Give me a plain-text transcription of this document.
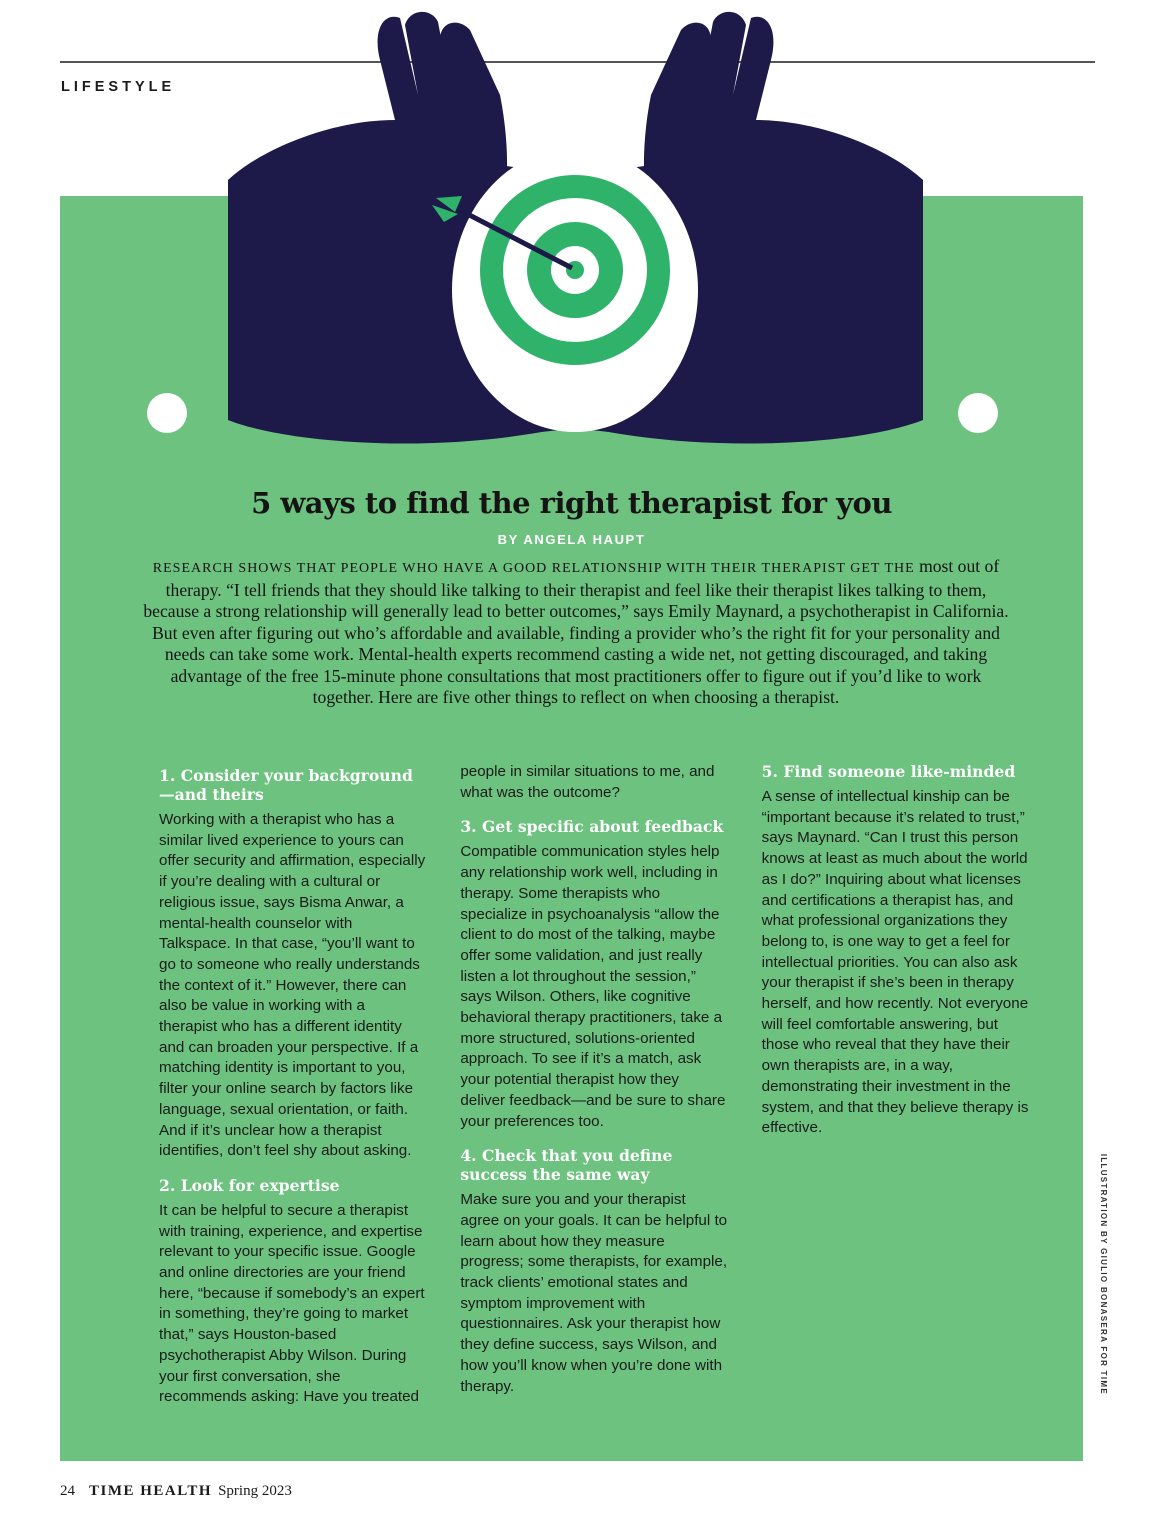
LIFESTYLE
5 ways to find the right therapist for you
BY ANGELA HAUPT

RESEARCH SHOWS THAT PEOPLE WHO HAVE A GOOD RELATIONSHIP WITH THEIR THERAPIST GET THE most out of therapy. “I tell friends that they should like talking to their therapist and feel like their therapist likes talking to them, because a strong relationship will generally lead to better outcomes,” says Emily Maynard, a psychotherapist in California. But even after figuring out who’s affordable and available, finding a provider who’s the right fit for your personality and needs can take some work. Mental-health experts recommend casting a wide net, not getting discouraged, and taking advantage of the free 15-minute phone consultations that most practitioners offer to figure out if you’d like to work together. Here are five other things to reflect on when choosing a therapist.

1. Consider your background—and theirs

Working with a therapist who has a similar lived experience to yours can offer security and affirmation, especially if you’re dealing with a cultural or religious issue, says Bisma Anwar, a mental-health counselor with Talkspace. In that case, “you’ll want to go to someone who really understands the context of it.” However, there can also be value in working with a therapist who has a different identity and can broaden your perspective. If a matching identity is important to you, filter your online search by factors like language, sexual orientation, or faith. And if it’s unclear how a therapist identifies, don’t feel shy about asking.

2. Look for expertise

It can be helpful to secure a therapist with training, experience, and expertise relevant to your specific issue. Google and online directories are your friend here, “because if somebody’s an expert in something, they’re going to market that,” says Houston-based psychotherapist Abby Wilson. During your first conversation, she recommends asking: Have you treated people in similar situations to me, and what was the outcome?

3. Get specific about feedback

Compatible communication styles help any relationship work well, including in therapy. Some therapists who specialize in psychoanalysis “allow the client to do most of the talking, maybe offer some validation, and just really listen a lot throughout the session,” says Wilson. Others, like cognitive behavioral therapy practitioners, take a more structured, solutions-oriented approach. To see if it’s a match, ask your potential therapist how they deliver feedback—and be sure to share your preferences too.

4. Check that you define success the same way

Make sure you and your therapist agree on your goals. It can be helpful to learn about how they measure progress; some therapists, for example, track clients’ emotional states and symptom improvement with questionnaires. Ask your therapist how they define success, says Wilson, and how you’ll know when you’re done with therapy.

5. Find someone like-minded

A sense of intellectual kinship can be “important because it’s related to trust,” says Maynard. “Can I trust this person knows at least as much about the world as I do?” Inquiring about what licenses and certifications a therapist has, and what professional organizations they belong to, is one way to get a feel for intellectual priorities. You can also ask your therapist if she’s been in therapy herself, and how recently. Not everyone will feel comfortable answering, but those who reveal that they have their own therapists are, in a way, demonstrating their investment in the system, and that they believe therapy is effective.

ILLUSTRATION BY GIULIO BONASERA FOR TIME
24 TIME HEALTH Spring 2023
